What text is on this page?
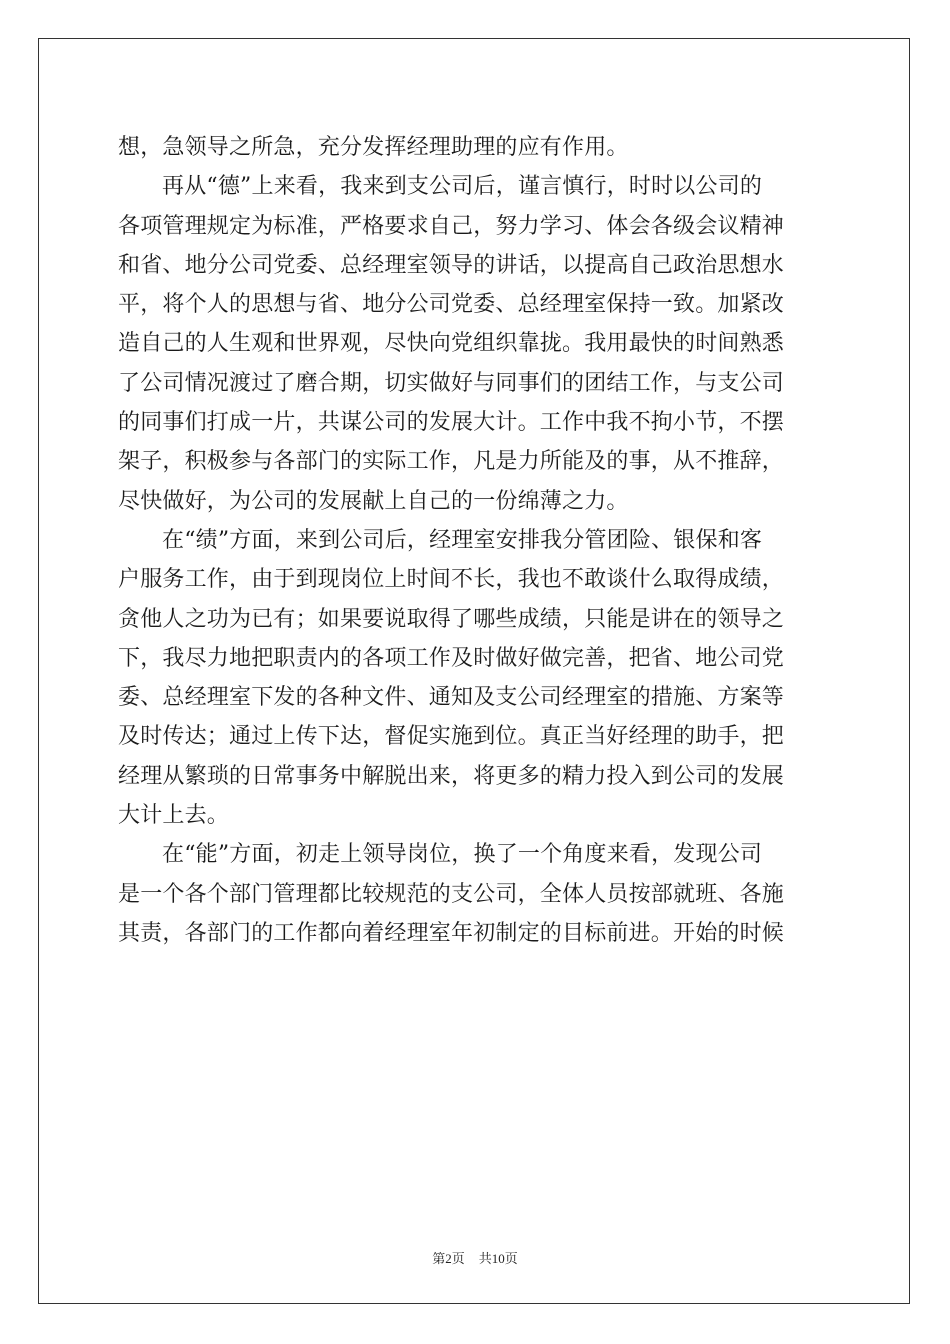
想，急领导之所急，充分发挥经理助理的应有作用。
再从“德”上来看，我来到支公司后，谨言慎行，时时以公司的
各项管理规定为标准，严格要求自己，努力学习、体会各级会议精神
和省、地分公司党委、总经理室领导的讲话，以提高自己政治思想水
平，将个人的思想与省、地分公司党委、总经理室保持一致。加紧改
造自己的人生观和世界观，尽快向党组织靠拢。我用最快的时间熟悉
了公司情况渡过了磨合期，切实做好与同事们的团结工作，与支公司
的同事们打成一片，共谋公司的发展大计。工作中我不拘小节，不摆
架子，积极参与各部门的实际工作，凡是力所能及的事，从不推辞，
尽快做好，为公司的发展献上自己的一份绵薄之力。
在“绩”方面，来到公司后，经理室安排我分管团险、银保和客
户服务工作，由于到现岗位上时间不长，我也不敢谈什么取得成绩，
贪他人之功为已有；如果要说取得了哪些成绩，只能是讲在的领导之
下，我尽力地把职责内的各项工作及时做好做完善，把省、地公司党
委、总经理室下发的各种文件、通知及支公司经理室的措施、方案等
及时传达；通过上传下达，督促实施到位。真正当好经理的助手，把
经理从繁琐的日常事务中解脱出来，将更多的精力投入到公司的发展
大计上去。
在“能”方面，初走上领导岗位，换了一个角度来看，发现公司
是一个各个部门管理都比较规范的支公司，全体人员按部就班、各施
其责，各部门的工作都向着经理室年初制定的目标前进。开始的时候
第2页 共10页
